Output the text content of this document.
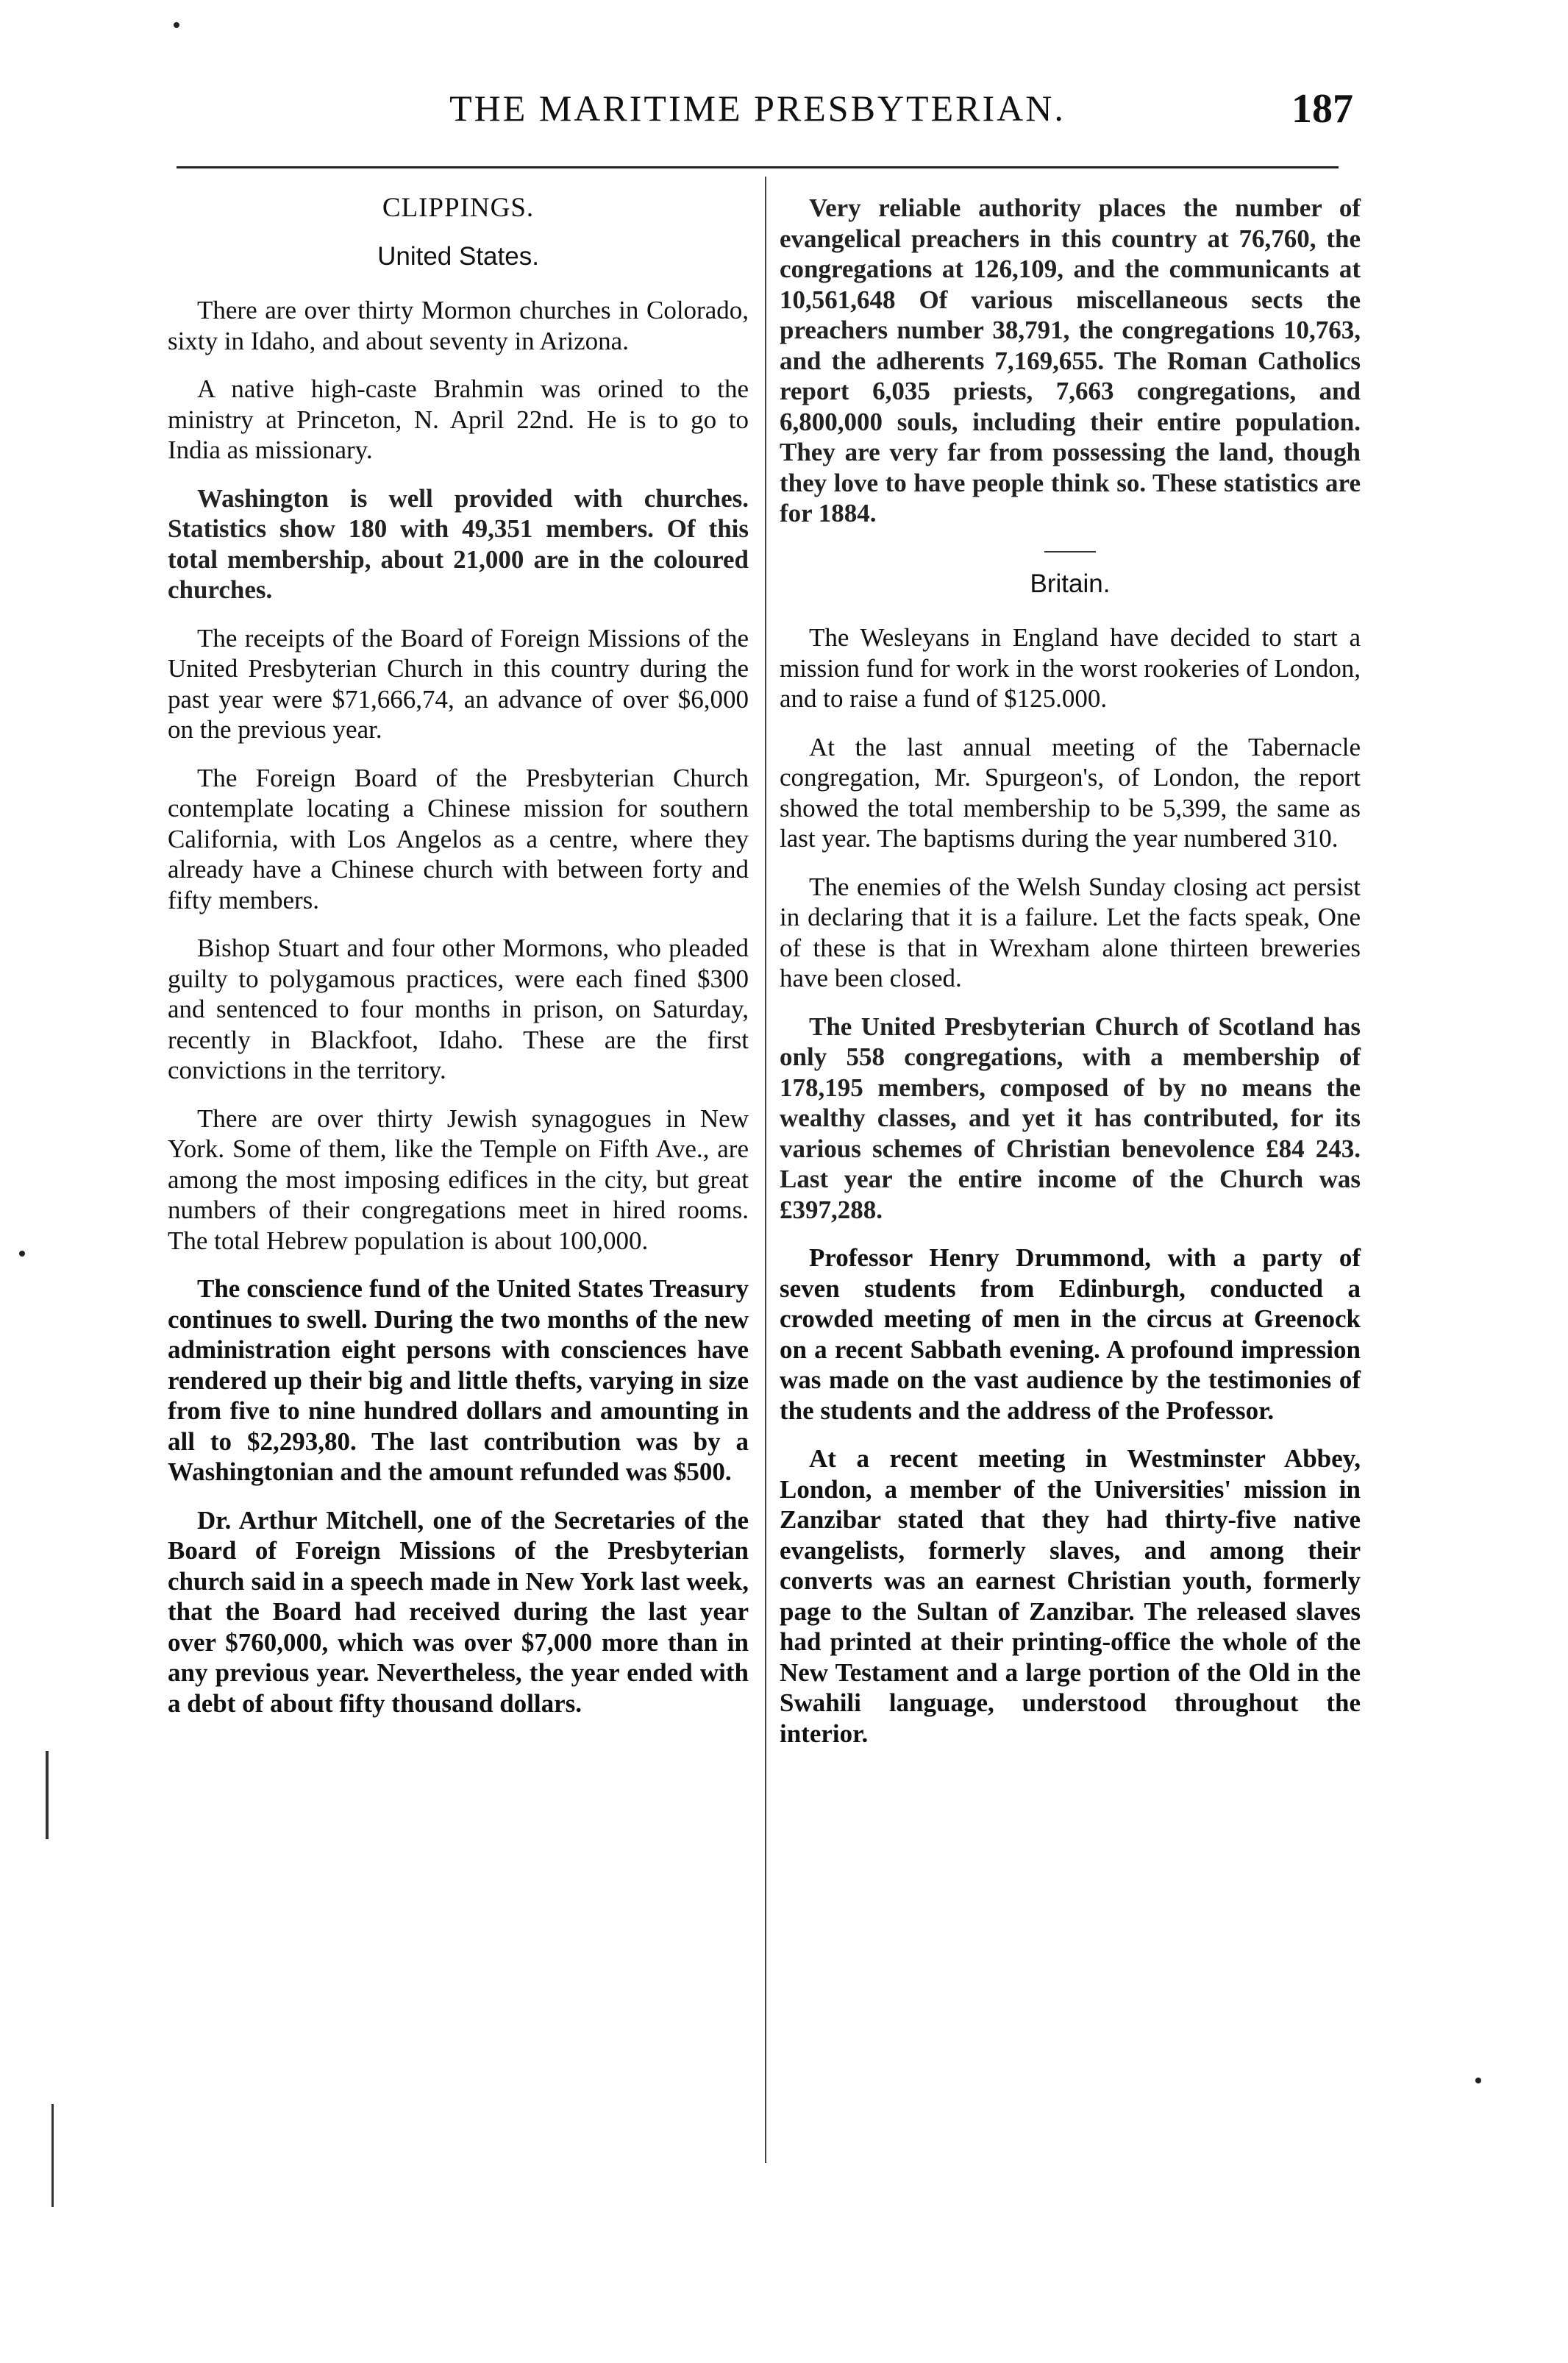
THE MARITIME PRESBYTERIAN.	187
CLIPPINGS.
United States.

There are over thirty Mormon churches in Colorado, sixty in Idaho, and about seventy in Arizona.

A native high-caste Brahmin was orined to the ministry at Princeton, N. April 22nd. He is to go to India as missionary.

Washington is well provided with churches. Statistics show 180 with 49,351 members. Of this total membership, about 21,000 are in the coloured churches.

The receipts of the Board of Foreign Missions of the United Presbyterian Church in this country during the past year were $71,666,74, an advance of over $6,000 on the previous year.

The Foreign Board of the Presbyterian Church contemplate locating a Chinese mission for southern California, with Los Angelos as a centre, where they already have a Chinese church with between forty and fifty members.

Bishop Stuart and four other Mormons, who pleaded guilty to polygamous practices, were each fined $300 and sentenced to four months in prison, on Saturday, recently in Blackfoot, Idaho. These are the first convictions in the territory.

There are over thirty Jewish synagogues in New York. Some of them, like the Temple on Fifth Ave., are among the most imposing edifices in the city, but great numbers of their congregations meet in hired rooms. The total Hebrew population is about 100,000.

The conscience fund of the United States Treasury continues to swell. During the two months of the new administration eight persons with consciences have rendered up their big and little thefts, varying in size from five to nine hundred dollars and amounting in all to $2,293,80. The last contribution was by a Washingtonian and the amount refunded was $500.

Dr. Arthur Mitchell, one of the Secretaries of the Board of Foreign Missions of the Presbyterian church said in a speech made in New York last week, that the Board had received during the last year over $760,000, which was over $7,000 more than in any previous year. Nevertheless, the year ended with a debt of about fifty thousand dollars.

Very reliable authority places the number of evangelical preachers in this country at 76,760, the congregations at 126,109, and the communicants at 10,561,648 Of various miscellaneous sects the preachers number 38,791, the congregations 10,763, and the adherents 7,169,655. The Roman Catholics report 6,035 priests, 7,663 congregations, and 6,800,000 souls, including their entire population. They are very far from possessing the land, though they love to have people think so. These statistics are for 1884.

Britain.

The Wesleyans in England have decided to start a mission fund for work in the worst rookeries of London, and to raise a fund of $125.000.

At the last annual meeting of the Tabernacle congregation, Mr. Spurgeon's, of London, the report showed the total membership to be 5,399, the same as last year. The baptisms during the year numbered 310.

The enemies of the Welsh Sunday closing act persist in declaring that it is a failure. Let the facts speak, One of these is that in Wrexham alone thirteen breweries have been closed.

The United Presbyterian Church of Scotland has only 558 congregations, with a membership of 178,195 members, composed of by no means the wealthy classes, and yet it has contributed, for its various schemes of Christian benevolence £84 243. Last year the entire income of the Church was £397,288.

Professor Henry Drummond, with a party of seven students from Edinburgh, conducted a crowded meeting of men in the circus at Greenock on a recent Sabbath evening. A profound impression was made on the vast audience by the testimonies of the students and the address of the Professor.

At a recent meeting in Westminster Abbey, London, a member of the Universities' mission in Zanzibar stated that they had thirty-five native evangelists, formerly slaves, and among their converts was an earnest Christian youth, formerly page to the Sultan of Zanzibar. The released slaves had printed at their printing-office the whole of the New Testament and a large portion of the Old in the Swahili language, understood throughout the interior.
